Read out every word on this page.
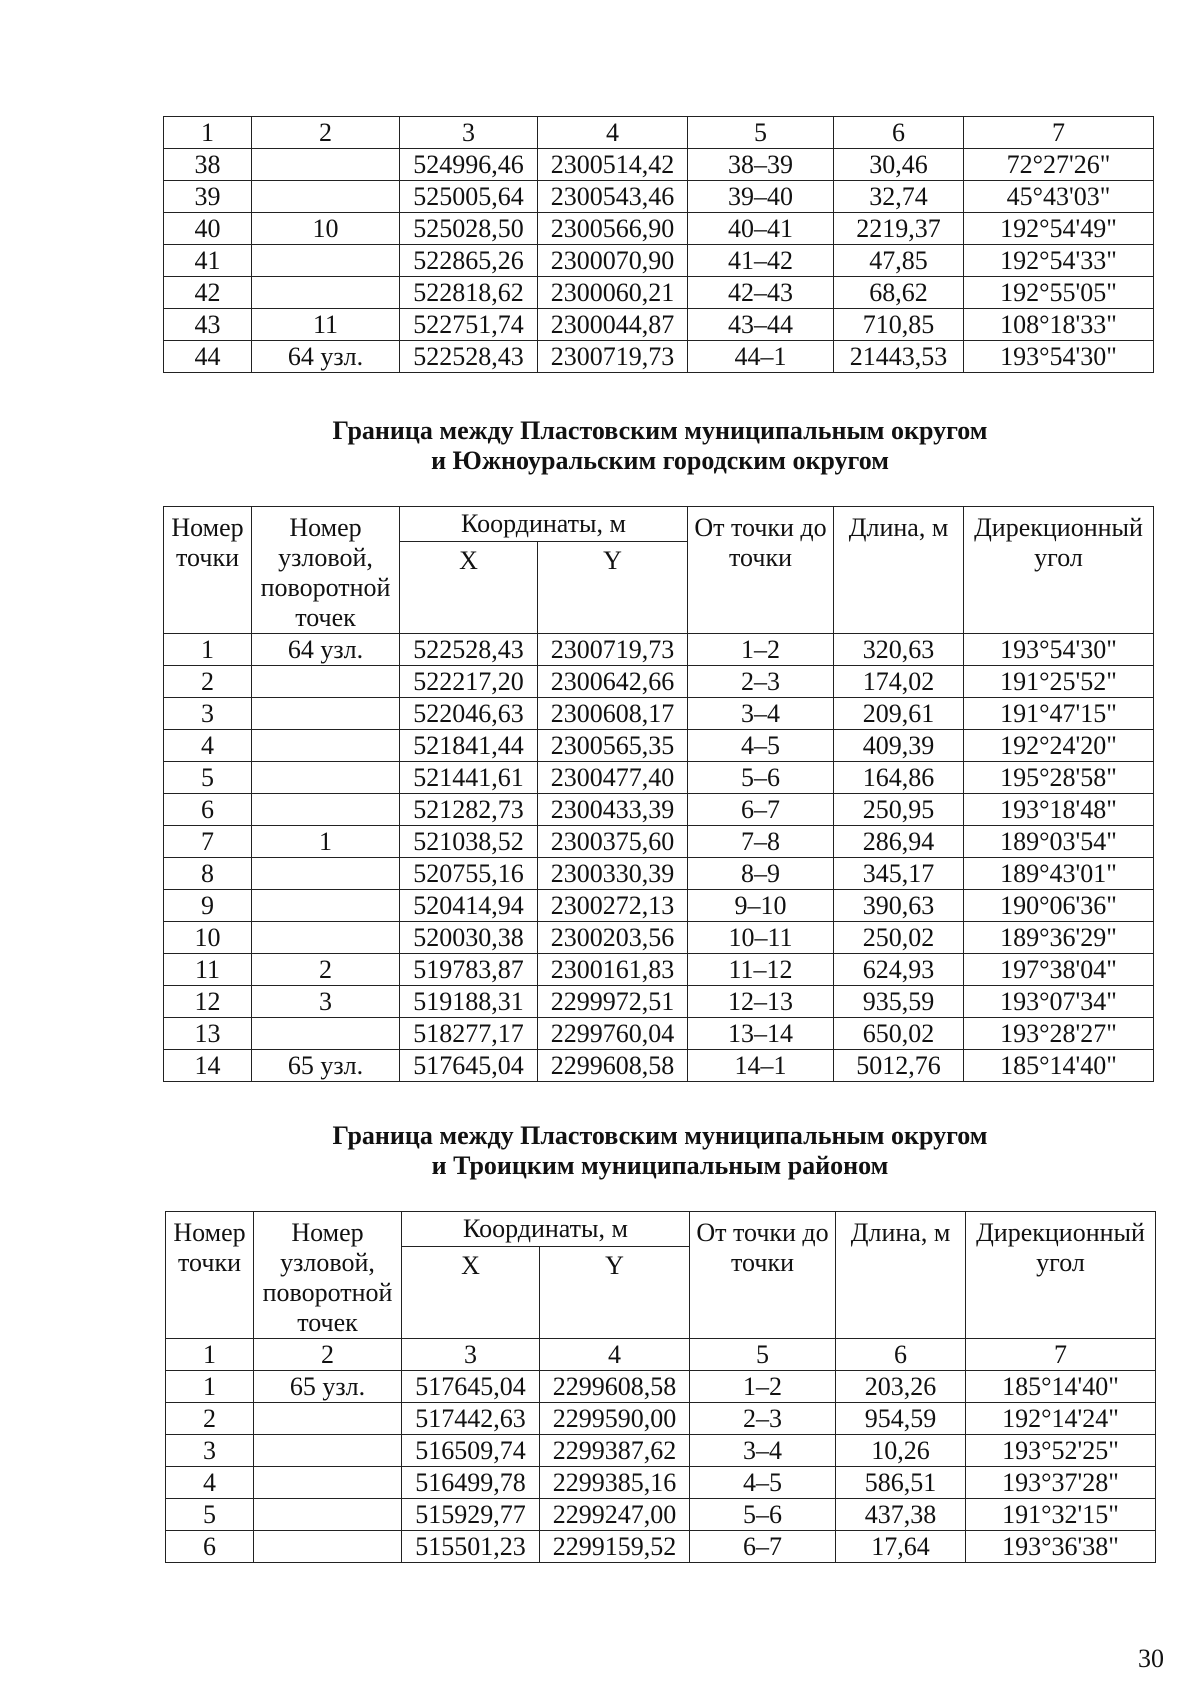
1	2	3	4	5	6	7
38		524996,46	2300514,42	38–39	30,46	72°27'26"
39		525005,64	2300543,46	39–40	32,74	45°43'03"
40	10	525028,50	2300566,90	40–41	2219,37	192°54'49"
41		522865,26	2300070,90	41–42	47,85	192°54'33"
42		522818,62	2300060,21	42–43	68,62	192°55'05"
43	11	522751,74	2300044,87	43–44	710,85	108°18'33"
44	64 узл.	522528,43	2300719,73	44–1	21443,53	193°54'30"
Граница между Пластовским муниципальным округом
и Южноуральским городским округом
Номер точки	Номер узловой, поворотной точек	Координаты, м		От точки до точки	Длина, м	Дирекционный угол
		X	Y			
1	64 узл.	522528,43	2300719,73	1–2	320,63	193°54'30"
2		522217,20	2300642,66	2–3	174,02	191°25'52"
3		522046,63	2300608,17	3–4	209,61	191°47'15"
4		521841,44	2300565,35	4–5	409,39	192°24'20"
5		521441,61	2300477,40	5–6	164,86	195°28'58"
6		521282,73	2300433,39	6–7	250,95	193°18'48"
7	1	521038,52	2300375,60	7–8	286,94	189°03'54"
8		520755,16	2300330,39	8–9	345,17	189°43'01"
9		520414,94	2300272,13	9–10	390,63	190°06'36"
10		520030,38	2300203,56	10–11	250,02	189°36'29"
11	2	519783,87	2300161,83	11–12	624,93	197°38'04"
12	3	519188,31	2299972,51	12–13	935,59	193°07'34"
13		518277,17	2299760,04	13–14	650,02	193°28'27"
14	65 узл.	517645,04	2299608,58	14–1	5012,76	185°14'40"
Граница между Пластовским муниципальным округом
и Троицким муниципальным районом
Номер точки	Номер узловой, поворотной точек	Координаты, м		От точки до точки	Длина, м	Дирекционный угол
		X	Y			
1	2	3	4	5	6	7
1	65 узл.	517645,04	2299608,58	1–2	203,26	185°14'40"
2		517442,63	2299590,00	2–3	954,59	192°14'24"
3		516509,74	2299387,62	3–4	10,26	193°52'25"
4		516499,78	2299385,16	4–5	586,51	193°37'28"
5		515929,77	2299247,00	5–6	437,38	191°32'15"
6		515501,23	2299159,52	6–7	17,64	193°36'38"
30
